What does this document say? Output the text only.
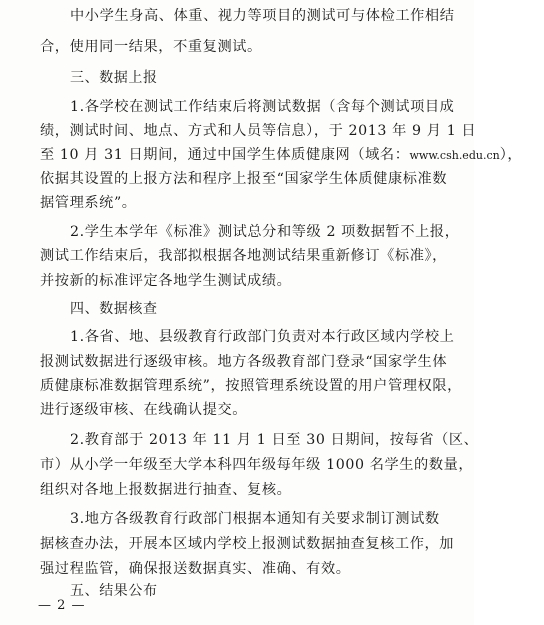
中小学生身高、体重、视力等项目的测试可与体检工作相结
合，使用同一结果，不重复测试。
三、数据上报
1.各学校在测试工作结束后将测试数据（含每个测试项目成
绩，测试时间、地点、方式和人员等信息），于 2013 年 9 月 1 日
至 10 月 31 日期间，通过中国学生体质健康网（域名：www.csh.edu.cn），
依据其设置的上报方法和程序上报至“国家学生体质健康标准数
据管理系统”。
2.学生本学年《标准》测试总分和等级 2 项数据暂不上报，
测试工作结束后，我部拟根据各地测试结果重新修订《标准》，
并按新的标准评定各地学生测试成绩。
四、数据核查
1.各省、地、县级教育行政部门负责对本行政区域内学校上
报测试数据进行逐级审核。地方各级教育部门登录“国家学生体
质健康标准数据管理系统”，按照管理系统设置的用户管理权限，
进行逐级审核、在线确认提交。
2.教育部于 2013 年 11 月 1 日至 30 日期间，按每省（区、
市）从小学一年级至大学本科四年级每年级 1000 名学生的数量，
组织对各地上报数据进行抽查、复核。
3.地方各级教育行政部门根据本通知有关要求制订测试数
据核查办法，开展本区域内学校上报测试数据抽查复核工作，加
强过程监管，确保报送数据真实、准确、有效。
五、结果公布
— 2 —
